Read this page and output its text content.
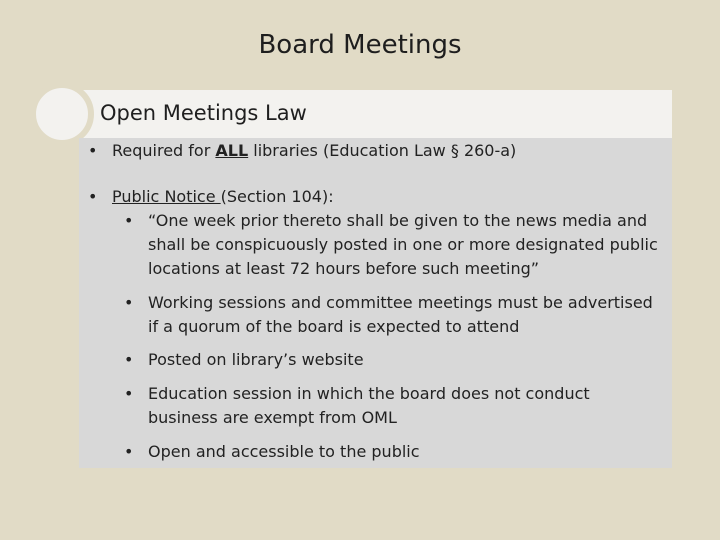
Board Meetings
Open Meetings Law
• Required for ALL libraries (Education Law § 260-a)
• Public Notice (Section 104):
• “One week prior thereto shall be given to the news media and
shall be conspicuously posted in one or more designated public
locations at least 72 hours before such meeting”
• Working sessions and committee meetings must be advertised
if a quorum of the board is expected to attend
• Posted on library’s website
• Education session in which the board does not conduct
business are exempt from OML
• Open and accessible to the public
